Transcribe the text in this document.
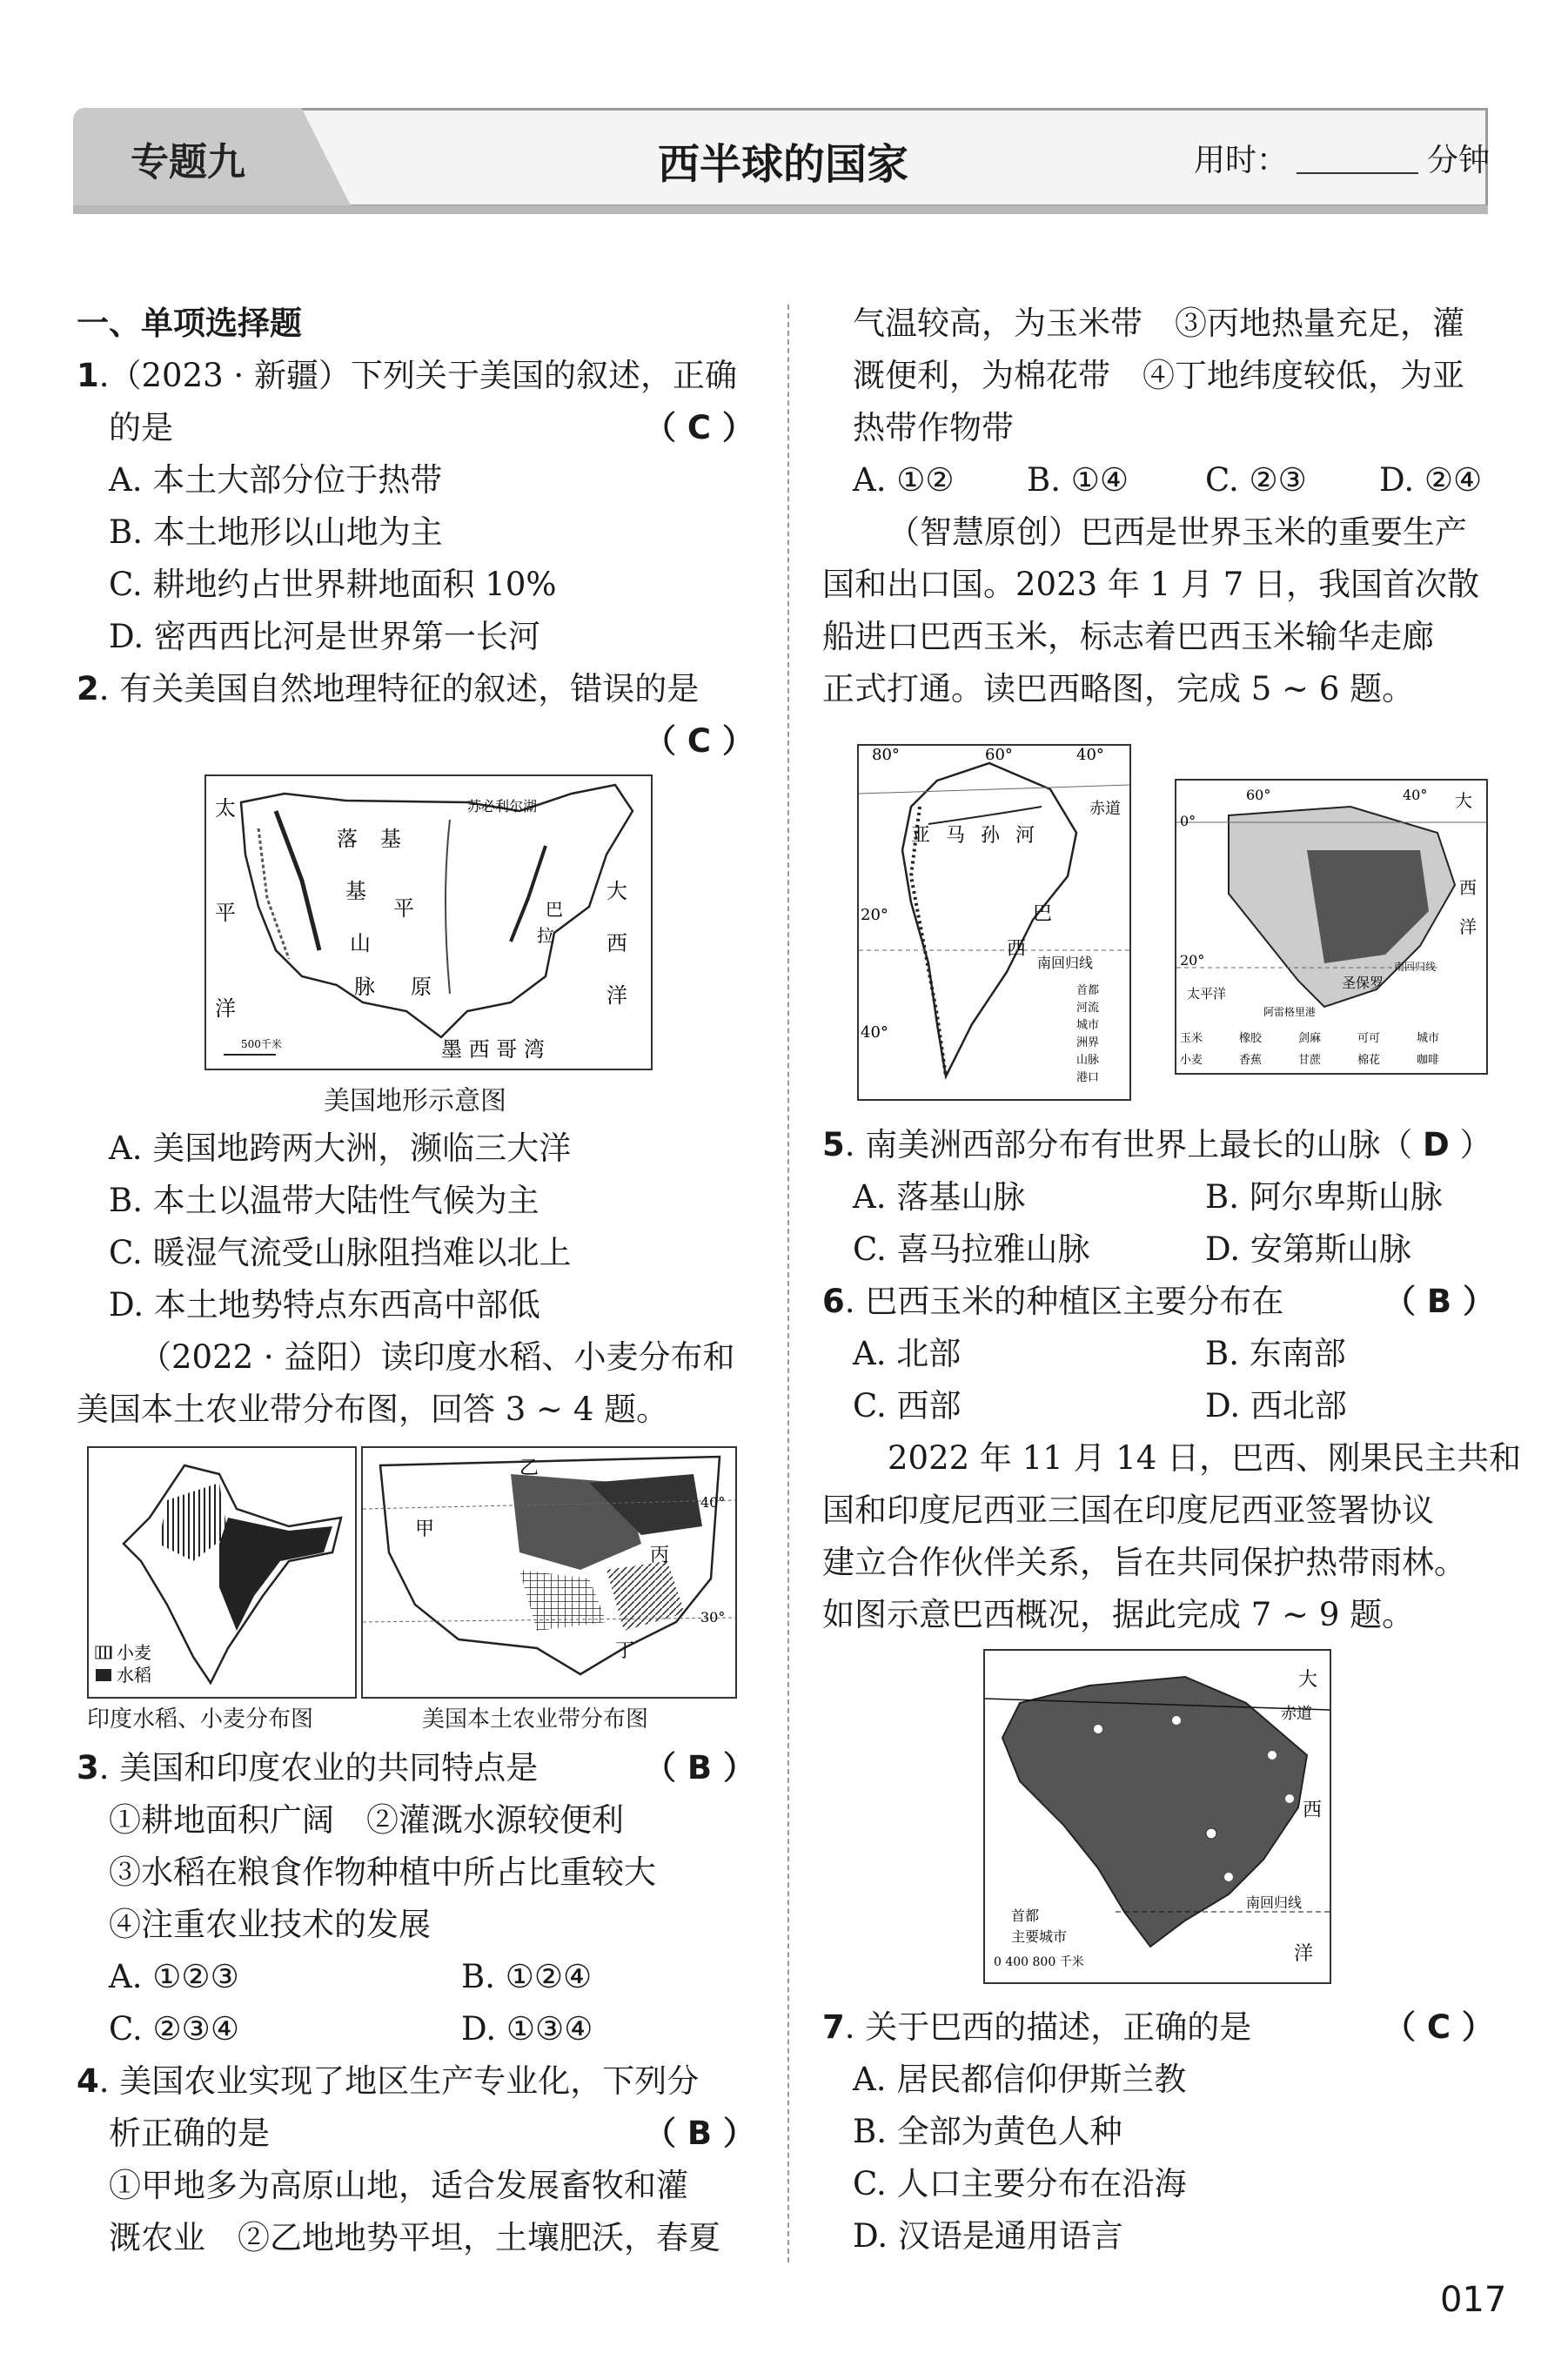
专题九	西半球的国家	用时：	分钟
一、单项选择题
1.（2023 · 新疆）下列关于美国的叙述，正确
的是	（ C ）
A. 本土大部分位于热带
B. 本土地形以山地为主
C. 耕地约占世界耕地面积 10%
D. 密西西比河是世界第一长河
2. 有关美国自然地理特征的叙述，错误的是
（ C ）
太
平
洋
落 基
基
山
脉
平
原
大
西
洋
墨 西 哥 湾
500千米
苏必利尔湖
巴
拉
美国地形示意图
A. 美国地跨两大洲，濒临三大洋
B. 本土以温带大陆性气候为主
C. 暖湿气流受山脉阻挡难以北上
D. 本土地势特点东西高中部低
（2022 · 益阳）读印度水稻、小麦分布和
美国本土农业带分布图，回答 3 ~ 4 题。
小麦
水稻
印度水稻、小麦分布图
甲
乙
丙
丁
40°
30°
美国本土农业带分布图
3. 美国和印度农业的共同特点是	（ B ）
①耕地面积广阔　②灌溉水源较便利
③水稻在粮食作物种植中所占比重较大
④注重农业技术的发展
A. ①②③	B. ①②④
C. ②③④	D. ①③④
4. 美国农业实现了地区生产专业化，下列分
析正确的是	（ B ）
①甲地多为高原山地，适合发展畜牧和灌
溉农业　②乙地地势平坦，土壤肥沃，春夏
气温较高，为玉米带　③丙地热量充足，灌
溉便利，为棉花带　④丁地纬度较低，为亚
热带作物带
A. ①② B. ①④ C. ②③ D. ②④
（智慧原创）巴西是世界玉米的重要生产
国和出口国。2023 年 1 月 7 日，我国首次散
船进口巴西玉米，标志着巴西玉米输华走廊
正式打通。读巴西略图，完成 5 ~ 6 题。
80°	60°	40°
20°
40°
赤道
亚 马 孙 河
巴
西
南回归线
首都
河流
城市
洲界
山脉
港口
60°	40°
0°
20°
大
西
洋
太平洋
圣保罗
南回归线
阿雷格里港
玉米	橡胶	剑麻	可可	城市
小麦	香蕉	甘蔗	棉花	咖啡
5. 南美洲西部分布有世界上最长的山脉（ D ）
A. 落基山脉	B. 阿尔卑斯山脉
C. 喜马拉雅山脉	D. 安第斯山脉
6. 巴西玉米的种植区主要分布在	（ B ）
A. 北部	B. 东南部
C. 西部	D. 西北部
2022 年 11 月 14 日，巴西、刚果民主共和
国和印度尼西亚三国在印度尼西亚签署协议
建立合作伙伴关系，旨在共同保护热带雨林。
如图示意巴西概况，据此完成 7 ~ 9 题。
大
赤道
西
洋
南回归线
首都
主要城市
0 400 800 千米
7. 关于巴西的描述，正确的是	（ C ）
A. 居民都信仰伊斯兰教
B. 全部为黄色人种
C. 人口主要分布在沿海
D. 汉语是通用语言
017
